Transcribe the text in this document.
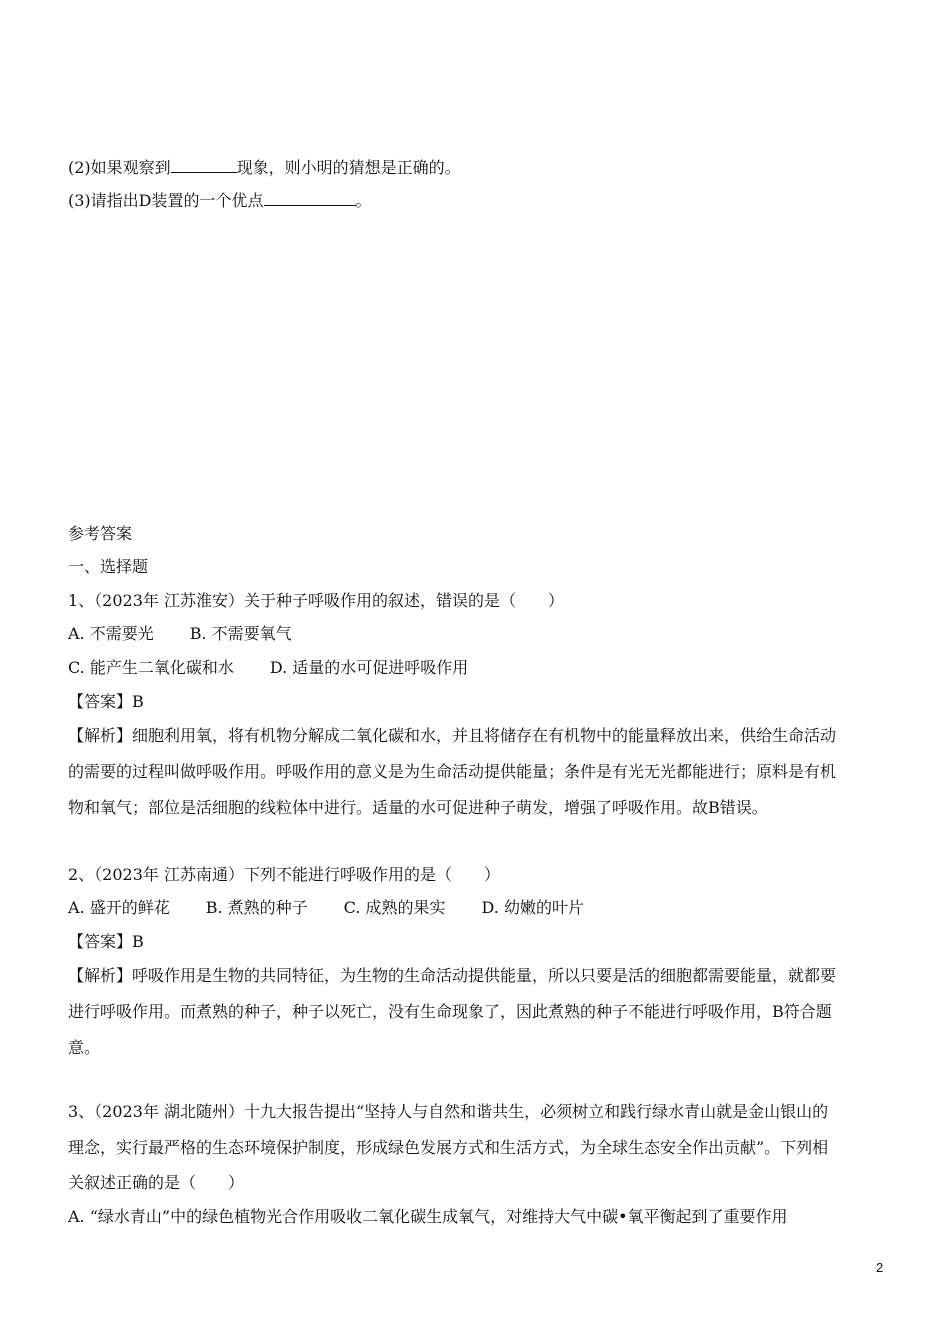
(2)如果观察到	现象，则小明的猜想是正确的。
(3)请指出D装置的一个优点	。
参考答案
一、选择题
1、（2023年 江苏淮安）关于种子呼吸作用的叙述，错误的是（　　）
A. 不需要光 B. 不需要氧气
C. 能产生二氧化碳和水 D. 适量的水可促进呼吸作用
【答案】B
【解析】细胞利用氧，将有机物分解成二氧化碳和水，并且将储存在有机物中的能量释放出来，供给生命活动
的需要的过程叫做呼吸作用。呼吸作用的意义是为生命活动提供能量；条件是有光无光都能进行；原料是有机
物和氧气；部位是活细胞的线粒体中进行。适量的水可促进种子萌发，增强了呼吸作用。故B错误。
2、（2023年 江苏南通）下列不能进行呼吸作用的是（　　）
A. 盛开的鲜花 B. 煮熟的种子 C. 成熟的果实 D. 幼嫩的叶片
【答案】B
【解析】呼吸作用是生物的共同特征，为生物的生命活动提供能量，所以只要是活的细胞都需要能量，就都要
进行呼吸作用。而煮熟的种子，种子以死亡，没有生命现象了，因此煮熟的种子不能进行呼吸作用，B符合题
意。
3、（2023年 湖北随州）十九大报告提出“坚持人与自然和谐共生，必须树立和践行绿水青山就是金山银山的
理念，实行最严格的生态环境保护制度，形成绿色发展方式和生活方式，为全球生态安全作出贡献”。下列相
关叙述正确的是（　　）
A. “绿水青山”中的绿色植物光合作用吸收二氧化碳生成氧气，对维持大气中碳•氧平衡起到了重要作用
2
